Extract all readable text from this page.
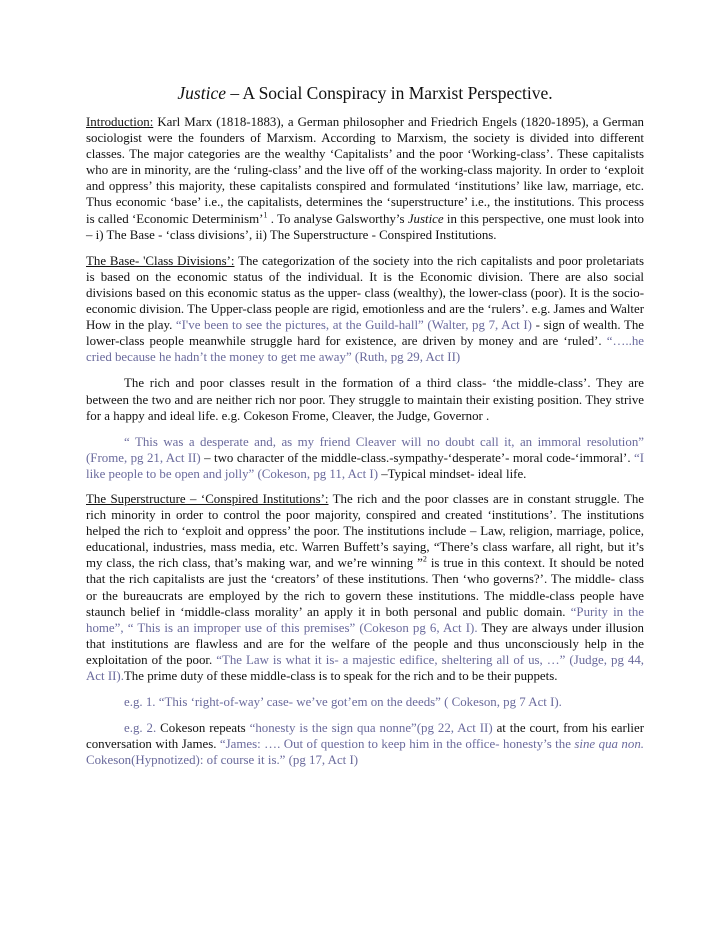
Justice – A Social Conspiracy in Marxist Perspective.

Introduction: Karl Marx (1818-1883), a German philosopher and Friedrich Engels (1820-1895), a German sociologist were the founders of Marxism. According to Marxism, the society is divided into different classes. The major categories are the wealthy ‘Capitalists’ and the poor ‘Working-class’. These capitalists who are in minority, are the ‘ruling-class’ and the live off of the working-class majority. In order to ‘exploit and oppress’ this majority, these capitalists conspired and formulated ‘institutions’ like law, marriage, etc. Thus economic ‘base’ i.e., the capitalists, determines the ‘superstructure’ i.e., the institutions. This process is called ‘Economic Determinism’$^1$ . To analyse Galsworthy’s Justice in this perspective, one must look into – i) The Base - ‘class divisions’, ii) The Superstructure - Conspired Institutions.

The Base- 'Class Divisions’: The categorization of the society into the rich capitalists and poor proletariats is based on the economic status of the individual. It is the Economic division. There are also social divisions based on this economic status as the upper- class (wealthy), the lower-class (poor). It is the socio-economic division. The Upper-class people are rigid, emotionless and are the ‘rulers’. e.g. James and Walter How in the play. “I've been to see the pictures, at the Guild-hall” (Walter, pg 7, Act I) - sign of wealth. The lower-class people meanwhile struggle hard for existence, are driven by money and are ‘ruled’. “…..he cried because he hadn’t the money to get me away” (Ruth, pg 29, Act II)

The rich and poor classes result in the formation of a third class- ‘the middle-class’. They are between the two and are neither rich nor poor. They struggle to maintain their existing position. They strive for a happy and ideal life. e.g. Cokeson Frome, Cleaver, the Judge, Governor .

“ This was a desperate and, as my friend Cleaver will no doubt call it, an immoral resolution” (Frome, pg 21, Act II) – two character of the middle-class.-sympathy-‘desperate’- moral code-‘immoral’. “I like people to be open and jolly” (Cokeson, pg 11, Act I) –Typical mindset- ideal life.

The Superstructure – ‘Conspired Institutions’: The rich and the poor classes are in constant struggle. The rich minority in order to control the poor majority, conspired and created ‘institutions’. The institutions helped the rich to ‘exploit and oppress’ the poor. The institutions include – Law, religion, marriage, police, educational, industries, mass media, etc. Warren Buffett’s saying, “There’s class warfare, all right, but it’s my class, the rich class, that’s making war, and we’re winning ”$^2$ is true in this context. It should be noted that the rich capitalists are just the ‘creators’ of these institutions. Then ‘who governs?’. The middle- class or the bureaucrats are employed by the rich to govern these institutions. The middle-class people have staunch belief in ‘middle-class morality’ an apply it in both personal and public domain. “Purity in the home”, “ This is an improper use of this premises” (Cokeson pg 6, Act I). They are always under illusion that institutions are flawless and are for the welfare of the people and thus unconsciously help in the exploitation of the poor. “The Law is what it is- a majestic edifice, sheltering all of us, …” (Judge, pg 44, Act II).The prime duty of these middle-class is to speak for the rich and to be their puppets.

e.g. 1. “This ‘right-of-way’ case- we’ve got’em on the deeds” ( Cokeson, pg 7 Act I).

e.g. 2. Cokeson repeats “honesty is the sign qua nonne”(pg 22, Act II) at the court, from his earlier conversation with James. “James: …. Out of question to keep him in the office- honesty’s the sine qua non. Cokeson(Hypnotized): of course it is.” (pg 17, Act I)
